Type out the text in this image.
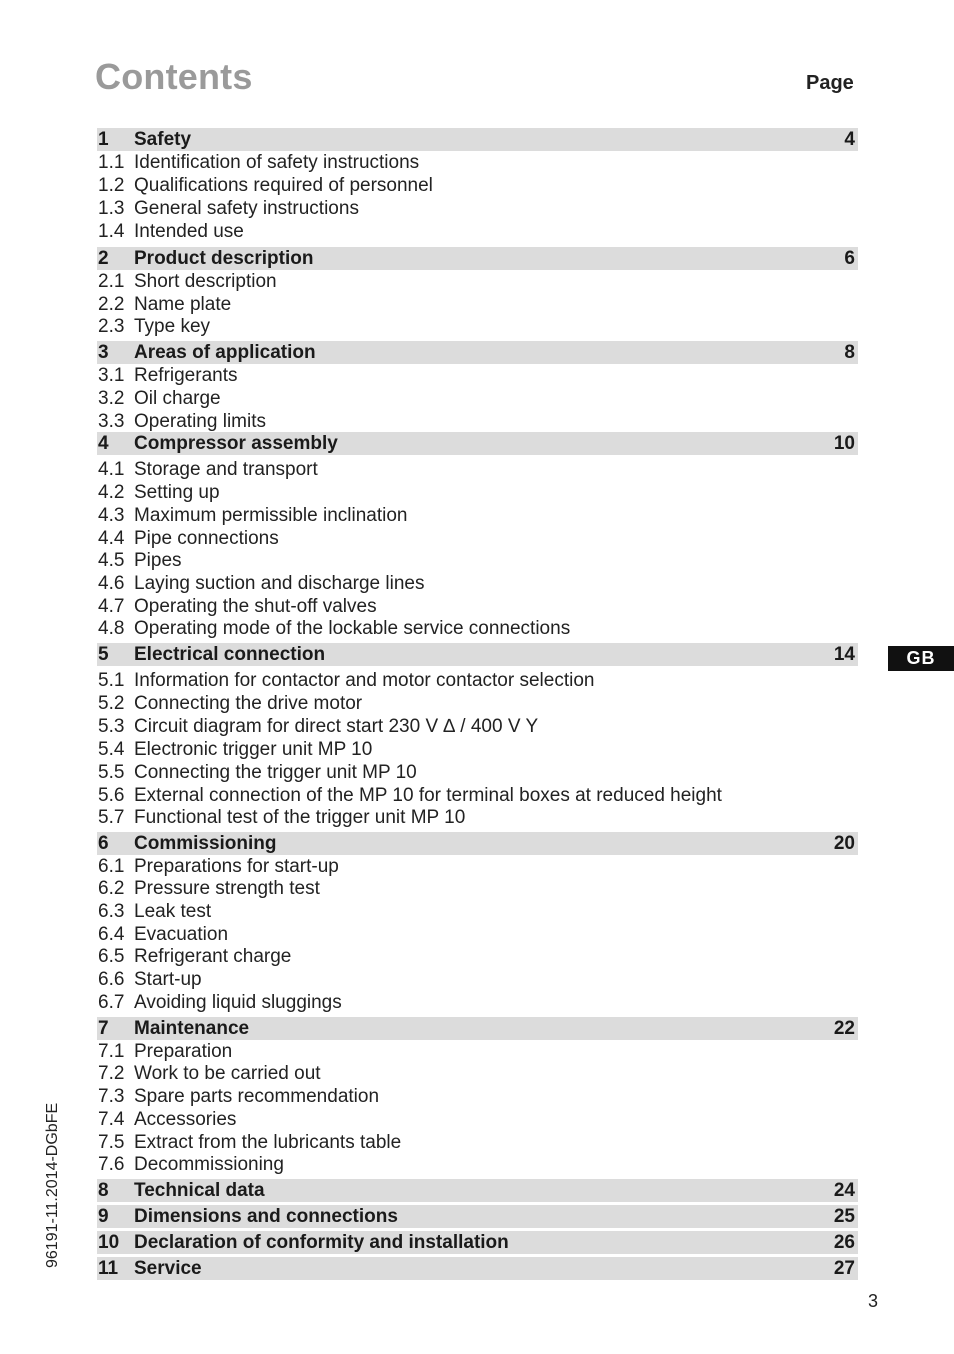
Contents	Page
1	Safety	4
1.1 Identification of safety instructions
1.2 Qualifications required of personnel
1.3 General safety instructions
1.4 Intended use
2	Product description	6
2.1 Short description
2.2 Name plate
2.3 Type key
3	Areas of application	8
3.1 Refrigerants
3.2 Oil charge
3.3 Operating limits
4	Compressor assembly	10
4.1 Storage and transport
4.2 Setting up
4.3 Maximum permissible inclination
4.4 Pipe connections
4.5 Pipes
4.6 Laying suction and discharge lines
4.7 Operating the shut-off valves
4.8 Operating mode of the lockable service connections
5	Electrical connection	14
5.1 Information for contactor and motor contactor selection
5.2 Connecting the drive motor
5.3 Circuit diagram for direct start 230 V ∆ / 400 V Y
5.4 Electronic trigger unit MP 10
5.5 Connecting the trigger unit MP 10
5.6 External connection of the MP 10 for terminal boxes at reduced height
5.7 Functional test of the trigger unit MP 10
6	Commissioning	20
6.1 Preparations for start-up
6.2 Pressure strength test
6.3 Leak test
6.4 Evacuation
6.5 Refrigerant charge
6.6 Start-up
6.7 Avoiding liquid sluggings
7	Maintenance	22
7.1 Preparation
7.2 Work to be carried out
7.3 Spare parts recommendation
7.4 Accessories
7.5 Extract from the lubricants table
7.6 Decommissioning
8	Technical data	24
9	Dimensions and connections	25
10 Declaration of conformity and installation	26
11 Service	27
GB
96191-11.2014-DGbFE
3
